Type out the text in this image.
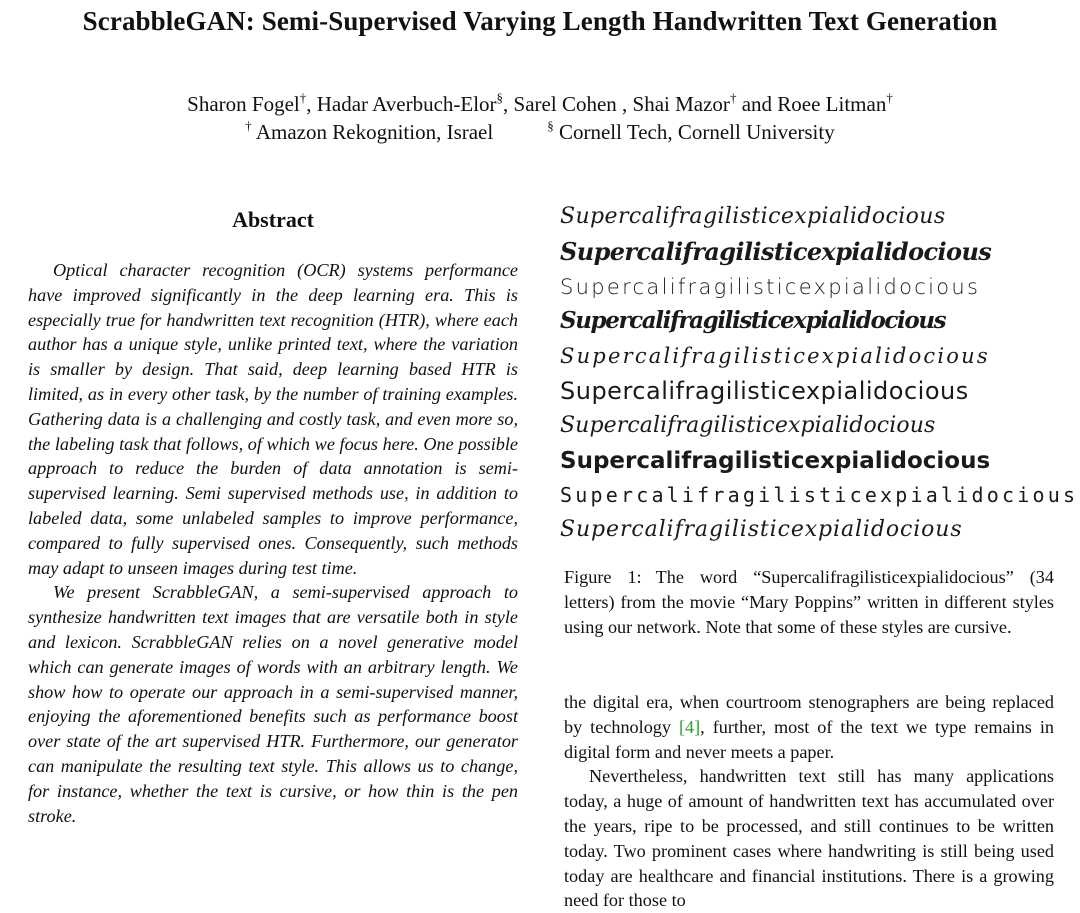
ScrabbleGAN: Semi-Supervised Varying Length Handwritten Text Generation
Sharon Fogel†, Hadar Averbuch-Elor§, Sarel Cohen , Shai Mazor† and Roee Litman†
† Amazon Rekognition, Israel	§ Cornell Tech, Cornell University
Abstract

Optical character recognition (OCR) systems performance have improved significantly in the deep learning era. This is especially true for handwritten text recognition (HTR), where each author has a unique style, unlike printed text, where the variation is smaller by design. That said, deep learning based HTR is limited, as in every other task, by the number of training examples. Gathering data is a challenging and costly task, and even more so, the labeling task that follows, of which we focus here. One possible approach to reduce the burden of data annotation is semi-supervised learning. Semi supervised methods use, in addition to labeled data, some unlabeled samples to improve performance, compared to fully supervised ones. Consequently, such methods may adapt to unseen images during test time.

We present ScrabbleGAN, a semi-supervised approach to synthesize handwritten text images that are versatile both in style and lexicon. ScrabbleGAN relies on a novel generative model which can generate images of words with an arbitrary length. We show how to operate our approach in a semi-supervised manner, enjoying the aforementioned benefits such as performance boost over state of the art supervised HTR. Furthermore, our generator can manipulate the resulting text style. This allows us to change, for instance, whether the text is cursive, or how thin is the pen stroke.

Supercalifragilisticexpialidocious
Supercalifragilisticexpialidocious
Supercalifragilisticexpialidocious
Supercalifragilisticexpialidocious
Supercalifragilisticexpialidocious
Supercalifragilisticexpialidocious
Supercalifragilisticexpialidocious
Supercalifragilisticexpialidocious
Supercalifragilisticexpialidocious
Supercalifragilisticexpialidocious
Figure 1: The word “Supercalifragilisticexpialidocious” (34 letters) from the movie “Mary Poppins” written in different styles using our network. Note that some of these styles are cursive.

the digital era, when courtroom stenographers are being replaced by technology [4], further, most of the text we type remains in digital form and never meets a paper.

Nevertheless, handwritten text still has many applications today, a huge of amount of handwritten text has accumulated over the years, ripe to be processed, and still continues to be written today. Two prominent cases where handwriting is still being used today are healthcare and financial institutions. There is a growing need for those to
